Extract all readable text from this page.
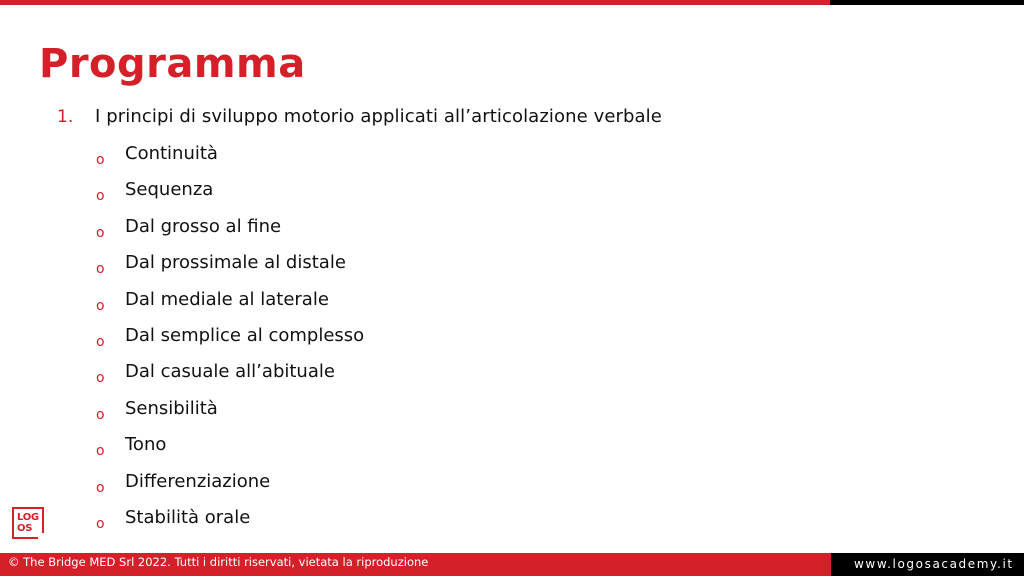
Programma
1. I principi di sviluppo motorio applicati all’articolazione verbale
o Continuità
o Sequenza
o Dal grosso al fine
o Dal prossimale al distale
o Dal mediale al laterale
o Dal semplice al complesso
o Dal casuale all’abituale
o Sensibilità
o Tono
o Differenziazione
o Stabilità orale
LOG
OS
© The Bridge MED Srl 2022. Tutti i diritti riservati, vietata la riproduzione	www.logosacademy.it
